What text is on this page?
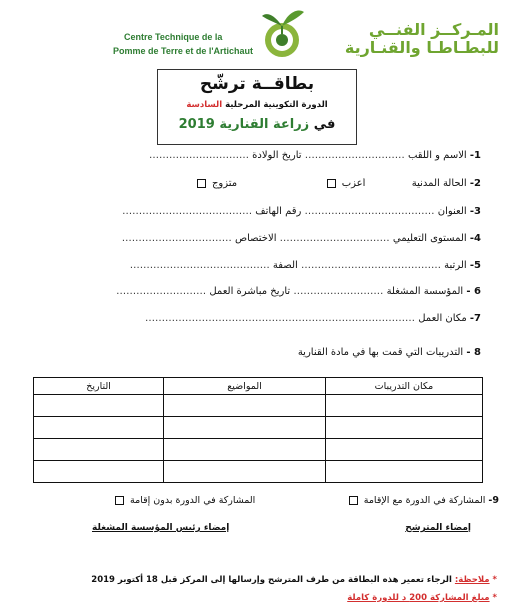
Centre Technique de la
Pomme de Terre et de l'Artichaut
المـركــز الفنــي
للبطـاطـا والقنـارية
بطاقــة ترشّح
الدورة التكوينية المرحلية السادسة
في زراعة القنارية 2019
1- الاسم و اللقب ………………………… تاريخ الولادة …………………………
2- الحالة المدنية  أعزب   متزوج
3- العنوان ………………………………… رقم الهاتف …………………………………
4- المستوى التعليمي …………………………… الاختصاص ……………………………
5- الرتبة …………………………………… الصفة ……………………………………
6 - المؤسسة المشغلة ……………………… تاريخ مباشرة العمل ………………………
7- مكان العمل ………………………………………………………………………
8 - التدريبات التي قمت بها في مادة القنارية
مكان التدريبات	المواضيع	التاريخ

9- المشاركة في الدورة مع الإقامة
المشاركة في الدورة بدون إقامة
إمضاء المترشح
إمضاء رئيس المؤسسة المشغلة
* ملاحظة: الرجاء تعمير هذه البطاقة من طرف المترشح وإرسالها إلى المركز قبل 18 أكتوبر 2019
* مبلغ المشاركة 200 د للدورة كاملة
